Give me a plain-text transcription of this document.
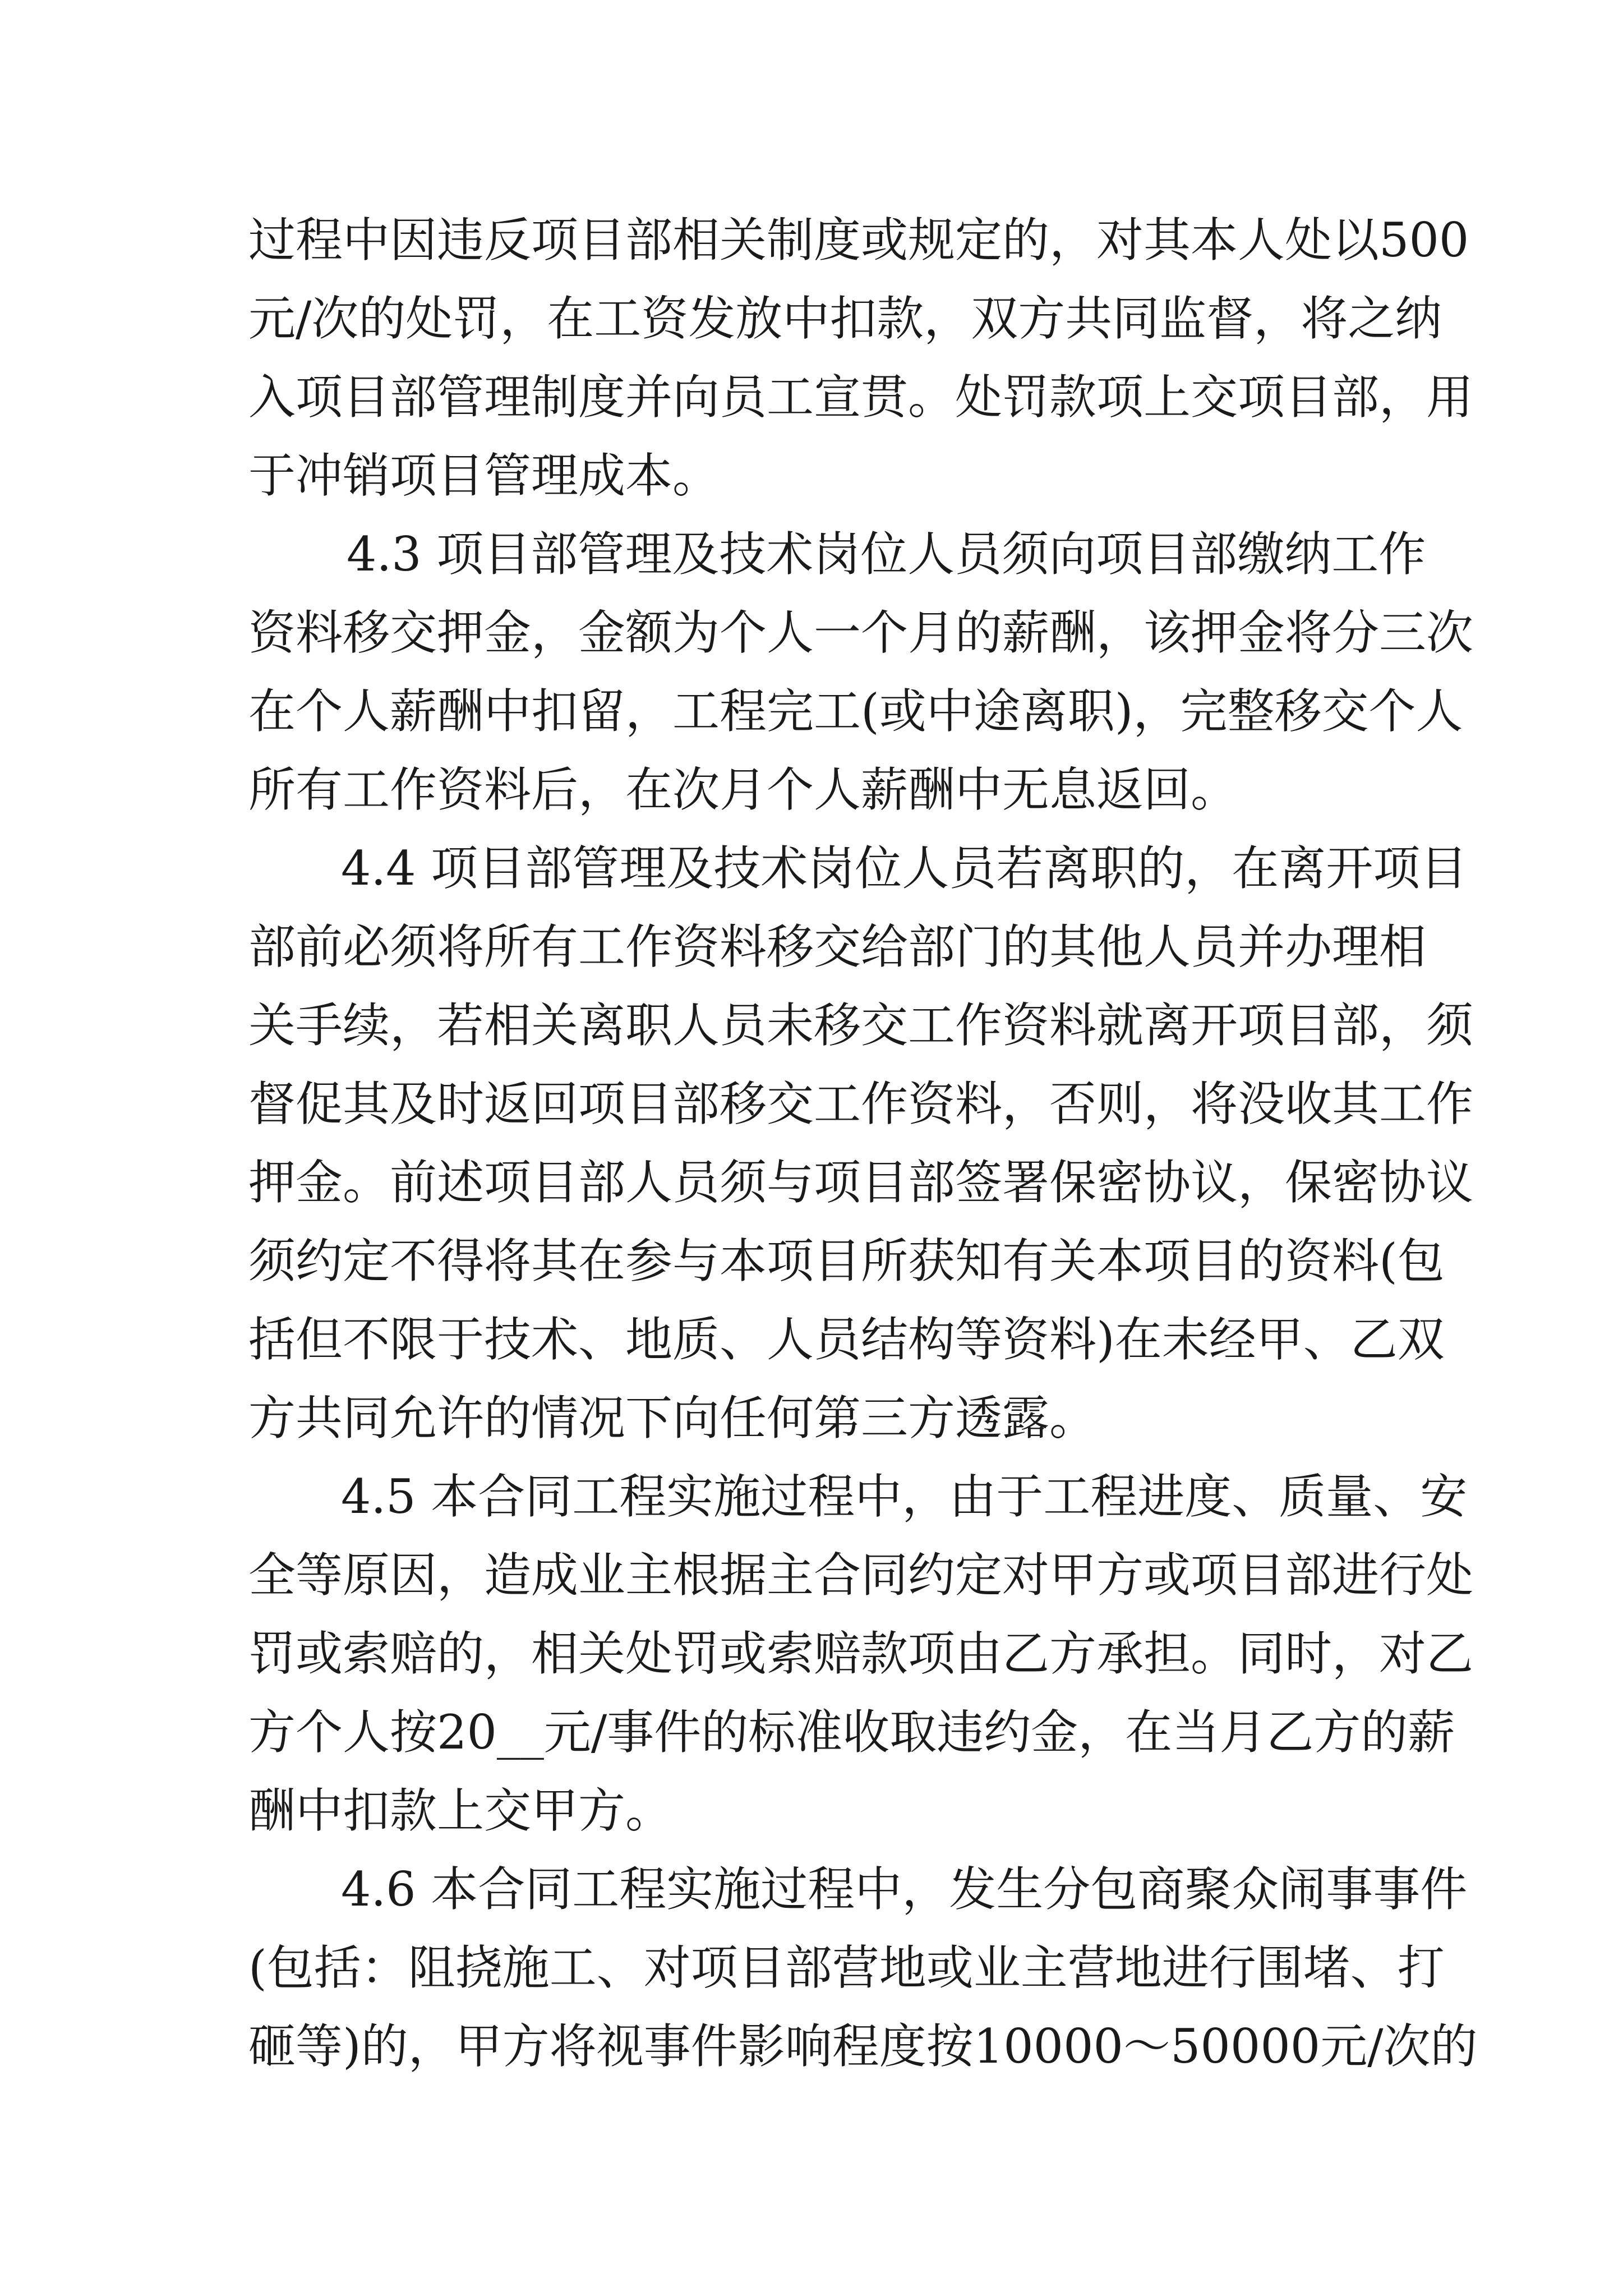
过程中因违反项目部相关制度或规定的，对其本人处以500
元/次的处罚，在工资发放中扣款，双方共同监督，将之纳
入项目部管理制度并向员工宣贯。处罚款项上交项目部，用
于冲销项目管理成本。
4.3 项目部管理及技术岗位人员须向项目部缴纳工作
资料移交押金，金额为个人一个月的薪酬，该押金将分三次
在个人薪酬中扣留，工程完工(或中途离职)，完整移交个人
所有工作资料后，在次月个人薪酬中无息返回。
4.4 项目部管理及技术岗位人员若离职的，在离开项目
部前必须将所有工作资料移交给部门的其他人员并办理相
关手续，若相关离职人员未移交工作资料就离开项目部，须
督促其及时返回项目部移交工作资料，否则，将没收其工作
押金。前述项目部人员须与项目部签署保密协议，保密协议
须约定不得将其在参与本项目所获知有关本项目的资料(包
括但不限于技术、地质、人员结构等资料)在未经甲、乙双
方共同允许的情况下向任何第三方透露。
4.5 本合同工程实施过程中，由于工程进度、质量、安
全等原因，造成业主根据主合同约定对甲方或项目部进行处
罚或索赔的，相关处罚或索赔款项由乙方承担。同时，对乙
方个人按20__元/事件的标准收取违约金，在当月乙方的薪
酬中扣款上交甲方。
4.6 本合同工程实施过程中，发生分包商聚众闹事事件
(包括：阻挠施工、对项目部营地或业主营地进行围堵、打
砸等)的，甲方将视事件影响程度按10000～50000元/次的
